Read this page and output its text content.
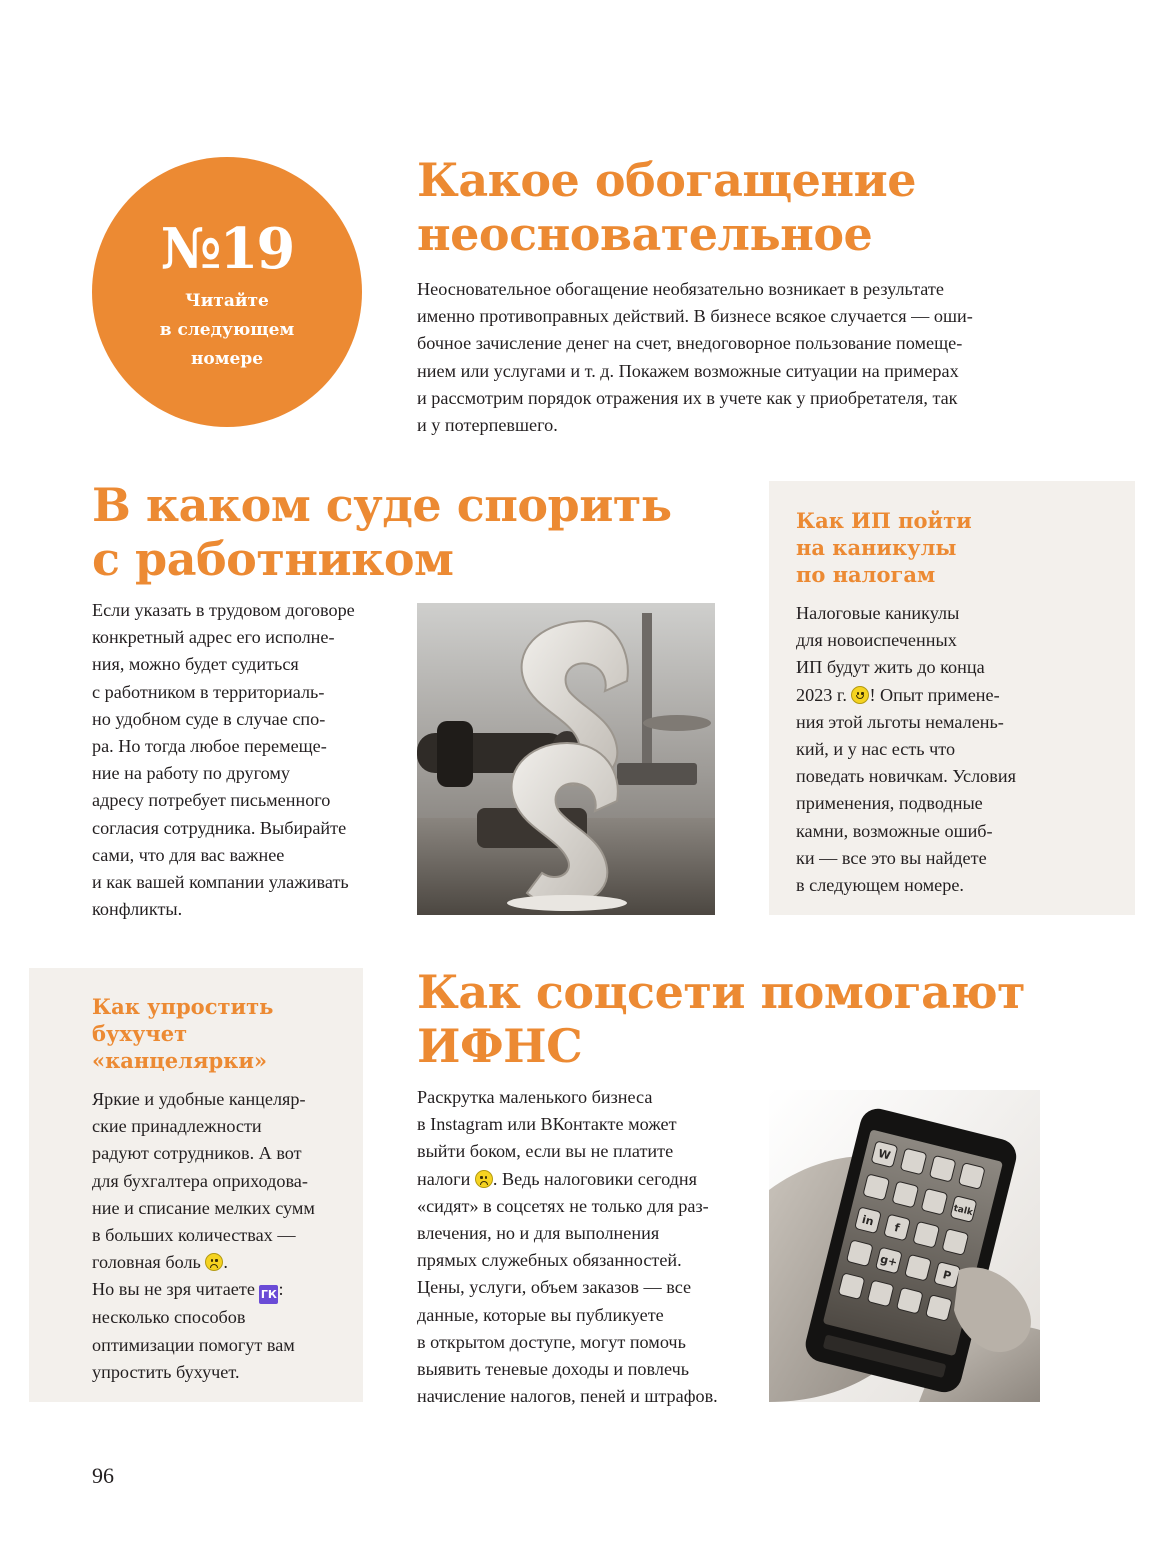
№19
Читайте
в следующем
номере
Какое обогащение
неосновательное

Неосновательное обогащение необязательно возникает в результате
именно противоправных действий. В бизнесе всякое случается — оши-
бочное зачисление денег на счет, внедоговорное пользование помеще-
нием или услугами и т. д. Покажем возможные ситуации на примерах
и рассмотрим порядок отражения их в учете как у приобретателя, так
и у потерпевшего.

В каком суде спорить
с работником

Если указать в трудовом договоре
конкретный адрес его исполне-
ния, можно будет судиться
с работником в территориаль-
но удобном суде в случае спо-
ра. Но тогда любое перемеще-
ние на работу по другому
адресу потребует письменного
согласия сотрудника. Выбирайте
сами, что для вас важнее
и как вашей компании улаживать
конфликты.

Как ИП пойти
на каникулы
по налогам

Налоговые каникулы
для новоиспеченных
ИП будут жить до конца
2023 г.
! Опыт примене-
ния этой льготы немалень-
кий, и у нас есть что
поведать новичкам. Условия
применения, подводные
камни, возможные ошиб-
ки — все это вы найдете
в следующем номере.

Как упростить
бухучет
«канцелярки»

Яркие и удобные канцеляр-
ские принадлежности
радуют сотрудников. А вот
для бухгалтера оприходова-
ние и списание мелких сумм
в больших количествах —
головная боль
.
Но вы не зря читаете ГК:
несколько способов
оптимизации помогут вам
упростить бухучет.

Как соцсети помогают
ИФНС

Раскрутка маленького бизнеса
в Instagram или ВКонтакте может
выйти боком, если вы не платите
налоги
. Ведь налоговики сегодня
«сидят» в соцсетях не только для раз-
влечения, но и для выполнения
прямых служебных обязанностей.
Цены, услуги, объем заказов — все
данные, которые вы публикуете
в открытом доступе, могут помочь
выявить теневые доходы и повлечь
начисление налогов, пеней и штрафов.

W
in f
g+
P
talk
96
